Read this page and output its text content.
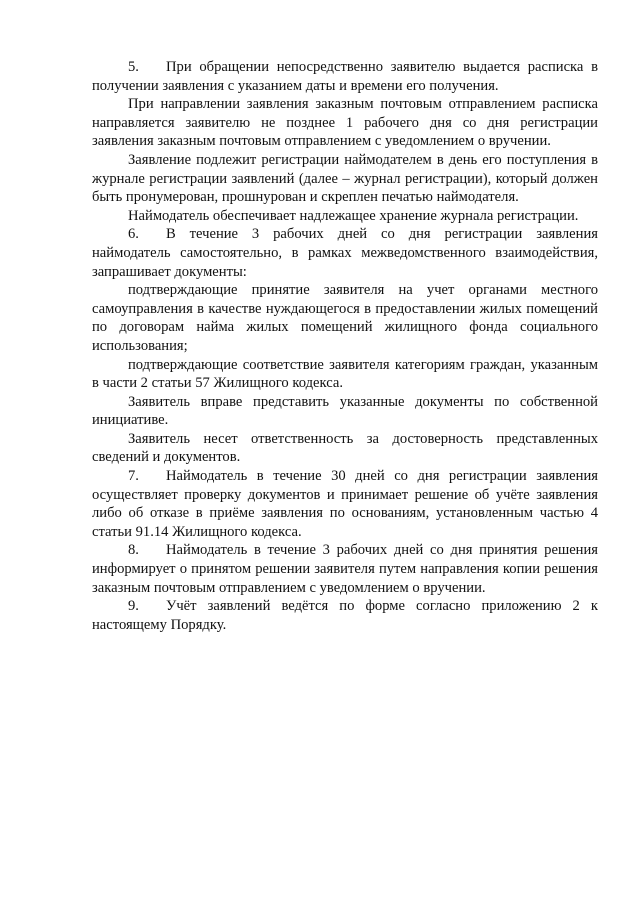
5. При обращении непосредственно заявителю выдается расписка в получении заявления с указанием даты и времени его получения.

При направлении заявления заказным почтовым отправлением расписка направляется заявителю не позднее 1 рабочего дня со дня регистрации заявления заказным почтовым отправлением с уведомлением о вручении.

Заявление подлежит регистрации наймодателем в день его поступления в журнале регистрации заявлений (далее – журнал регистрации), который должен быть пронумерован, прошнурован и скреплен печатью наймодателя.

Наймодатель обеспечивает надлежащее хранение журнала регистрации.

6. В течение 3 рабочих дней со дня регистрации заявления наймодатель самостоятельно, в рамках межведомственного взаимодействия, запрашивает документы:

подтверждающие принятие заявителя на учет органами местного самоуправления в качестве нуждающегося в предоставлении жилых помещений по договорам найма жилых помещений жилищного фонда социального использования;

подтверждающие соответствие заявителя категориям граждан, указанным в части 2 статьи 57 Жилищного кодекса.

Заявитель вправе представить указанные документы по собственной инициативе.

Заявитель несет ответственность за достоверность представленных сведений и документов.

7. Наймодатель в течение 30 дней со дня регистрации заявления осуществляет проверку документов и принимает решение об учёте заявления либо об отказе в приёме заявления по основаниям, установленным частью 4 статьи 91.14 Жилищного кодекса.

8. Наймодатель в течение 3 рабочих дней со дня принятия решения информирует о принятом решении заявителя путем направления копии решения заказным почтовым отправлением с уведомлением о вручении.

9. Учёт заявлений ведётся по форме согласно приложению 2 к настоящему Порядку.
